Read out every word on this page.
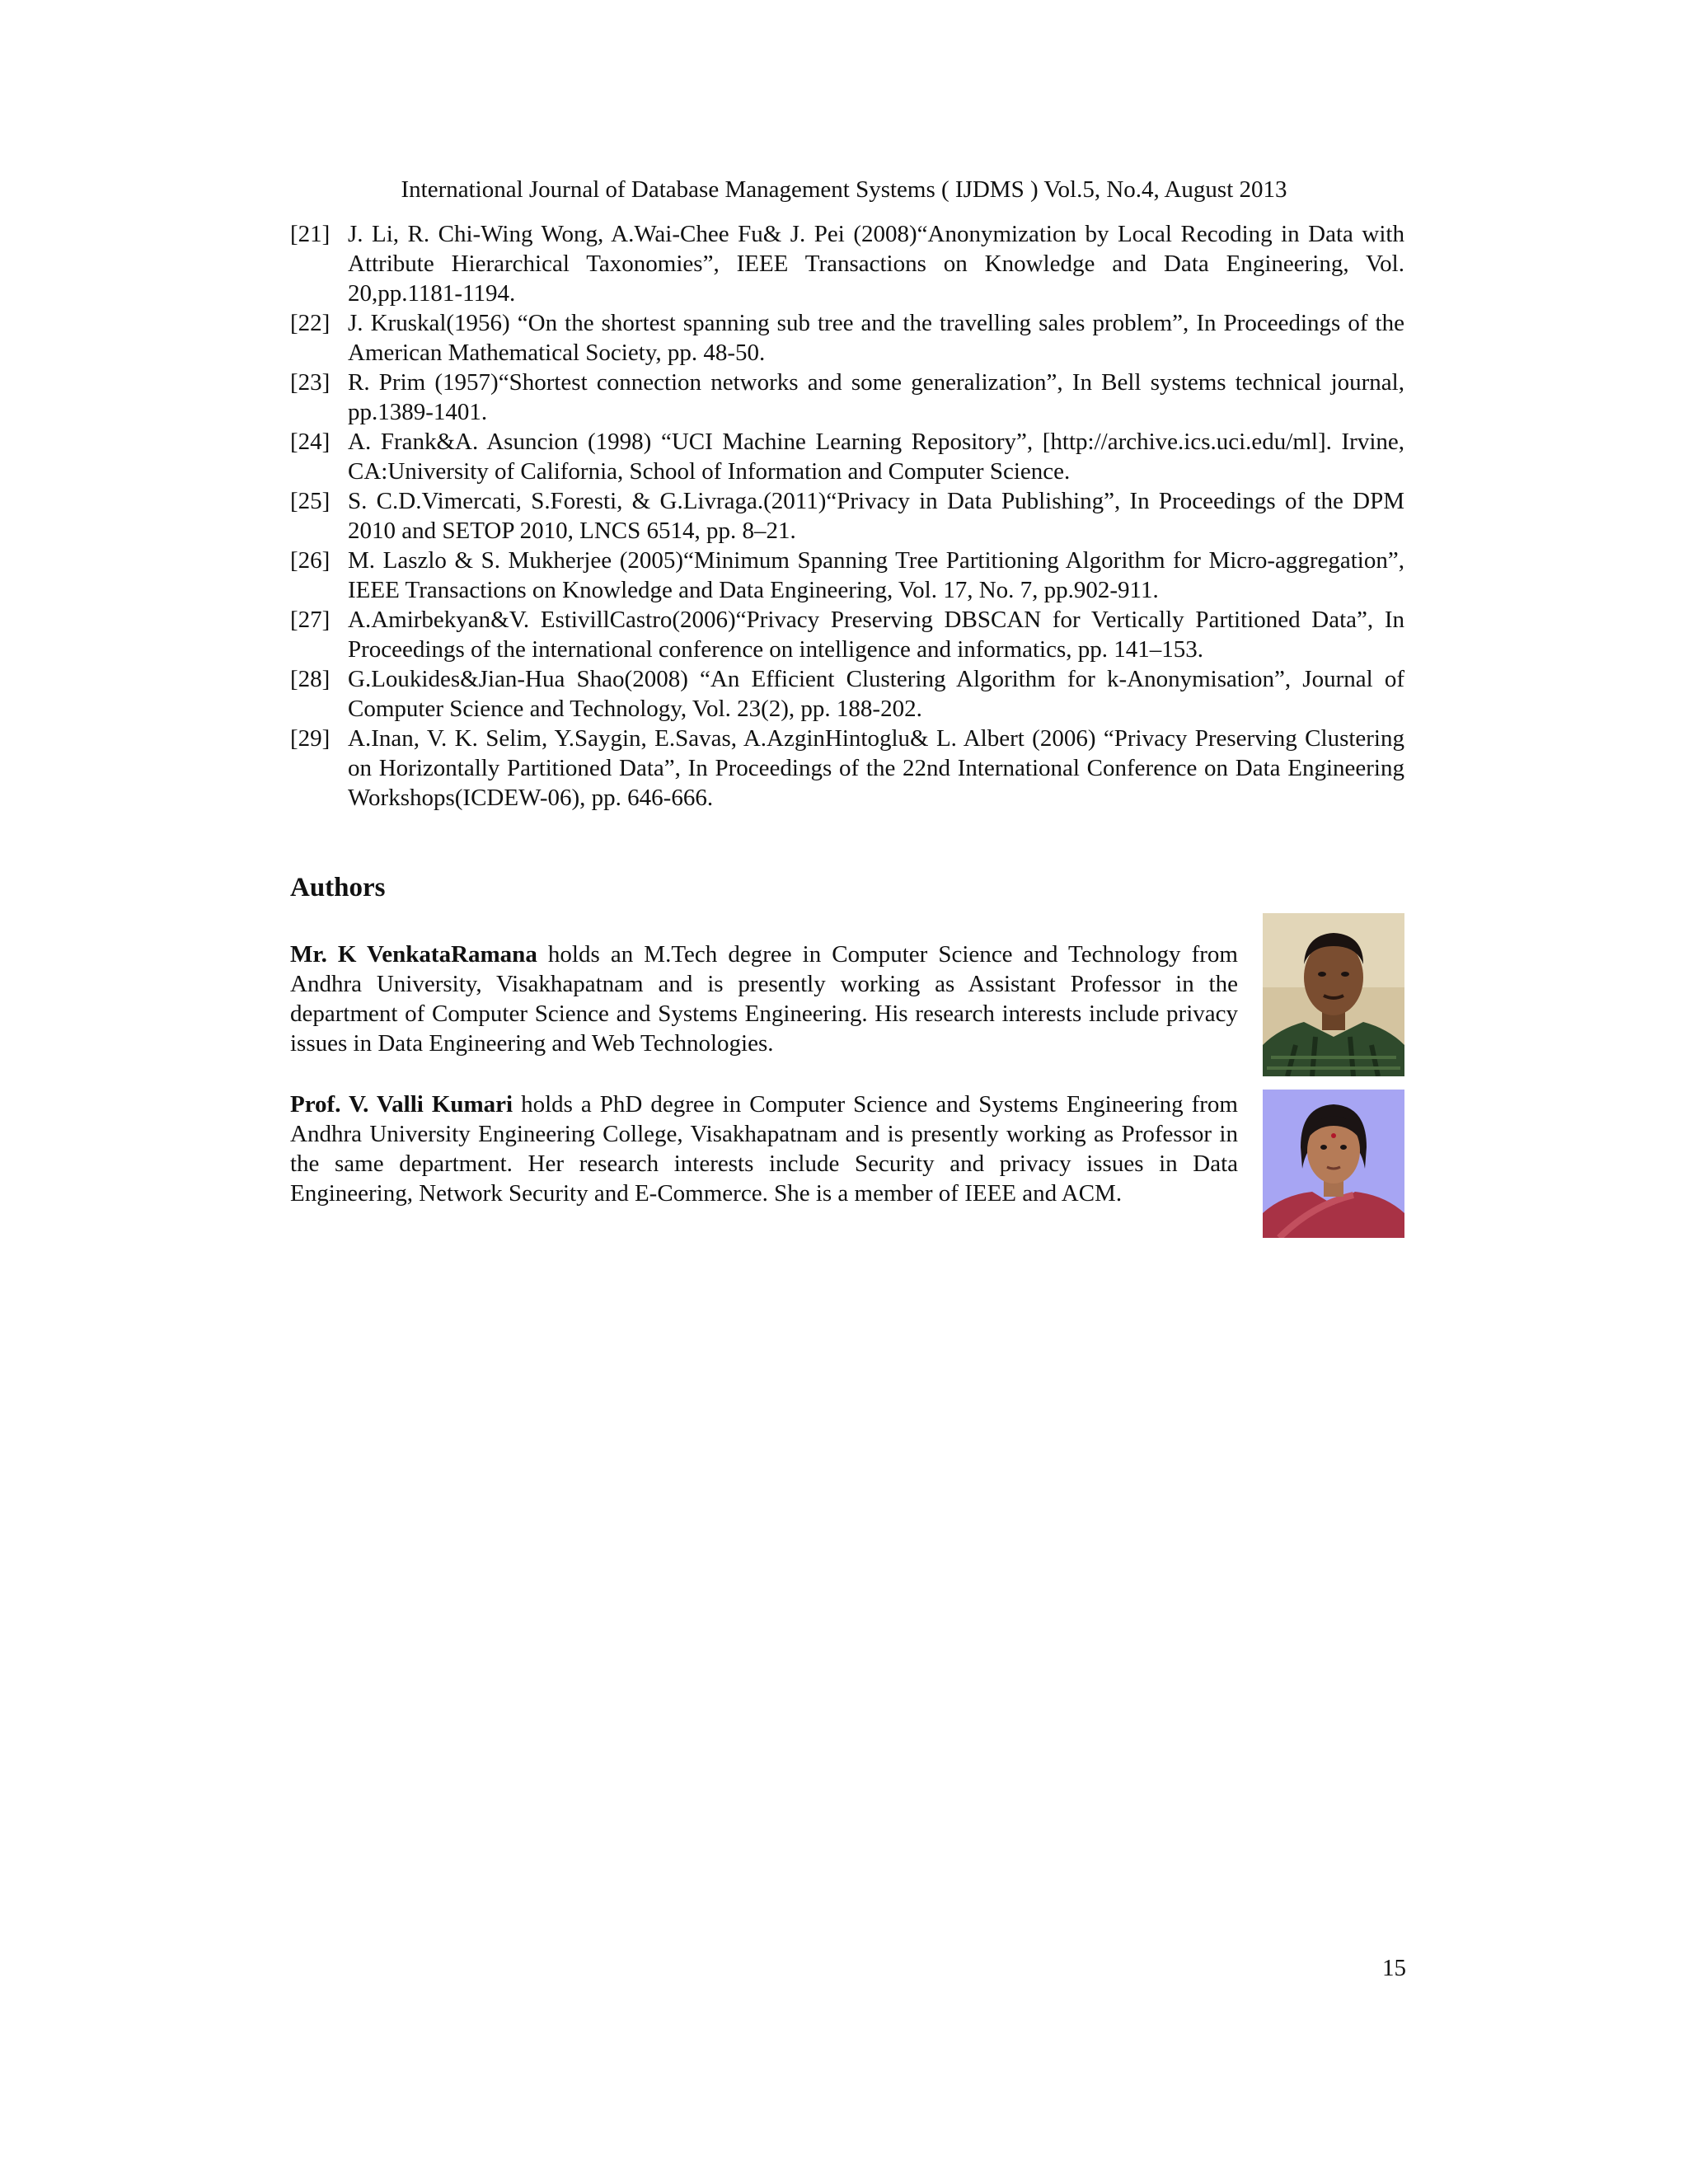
International Journal of Database Management Systems ( IJDMS ) Vol.5, No.4, August 2013
[21] J. Li, R. Chi-Wing Wong, A.Wai-Chee Fu& J. Pei (2008)“Anonymization by Local Recoding in Data with Attribute Hierarchical Taxonomies”, IEEE Transactions on Knowledge and Data Engineering, Vol. 20,pp.1181-1194.
[22] J. Kruskal(1956) “On the shortest spanning sub tree and the travelling sales problem”, In Proceedings of the American Mathematical Society, pp. 48-50.
[23] R. Prim (1957)“Shortest connection networks and some generalization”, In Bell systems technical journal, pp.1389-1401.
[24] A. Frank&A. Asuncion (1998) “UCI Machine Learning Repository”, [http://archive.ics.uci.edu/ml]. Irvine, CA:University of California, School of Information and Computer Science.
[25] S. C.D.Vimercati, S.Foresti, & G.Livraga.(2011)“Privacy in Data Publishing”, In Proceedings of the DPM 2010 and SETOP 2010, LNCS 6514, pp. 8–21.
[26] M. Laszlo & S. Mukherjee (2005)“Minimum Spanning Tree Partitioning Algorithm for Micro-aggregation”, IEEE Transactions on Knowledge and Data Engineering, Vol. 17, No. 7, pp.902-911.
[27] A.Amirbekyan&V. EstivillCastro(2006)“Privacy Preserving DBSCAN for Vertically Partitioned Data”, In Proceedings of the international conference on intelligence and informatics, pp. 141–153.
[28] G.Loukides&Jian-Hua Shao(2008) “An Efficient Clustering Algorithm for k-Anonymisation”, Journal of Computer Science and Technology, Vol. 23(2), pp. 188-202.
[29] A.Inan, V. K. Selim, Y.Saygin, E.Savas, A.AzginHintoglu& L. Albert (2006) “Privacy Preserving Clustering on Horizontally Partitioned Data”, In Proceedings of the 22nd International Conference on Data Engineering Workshops(ICDEW-06), pp. 646-666.
Authors
Mr. K VenkataRamana holds an M.Tech degree in Computer Science and Technology from Andhra University, Visakhapatnam and is presently working as Assistant Professor in the department of Computer Science and Systems Engineering. His research interests include privacy issues in Data Engineering and Web Technologies.
Prof. V. Valli Kumari holds a PhD degree in Computer Science and Systems Engineering from Andhra University Engineering College, Visakhapatnam and is presently working as Professor in the same department. Her research interests include Security and privacy issues in Data Engineering, Network Security and E-Commerce. She is a member of IEEE and ACM.
15
